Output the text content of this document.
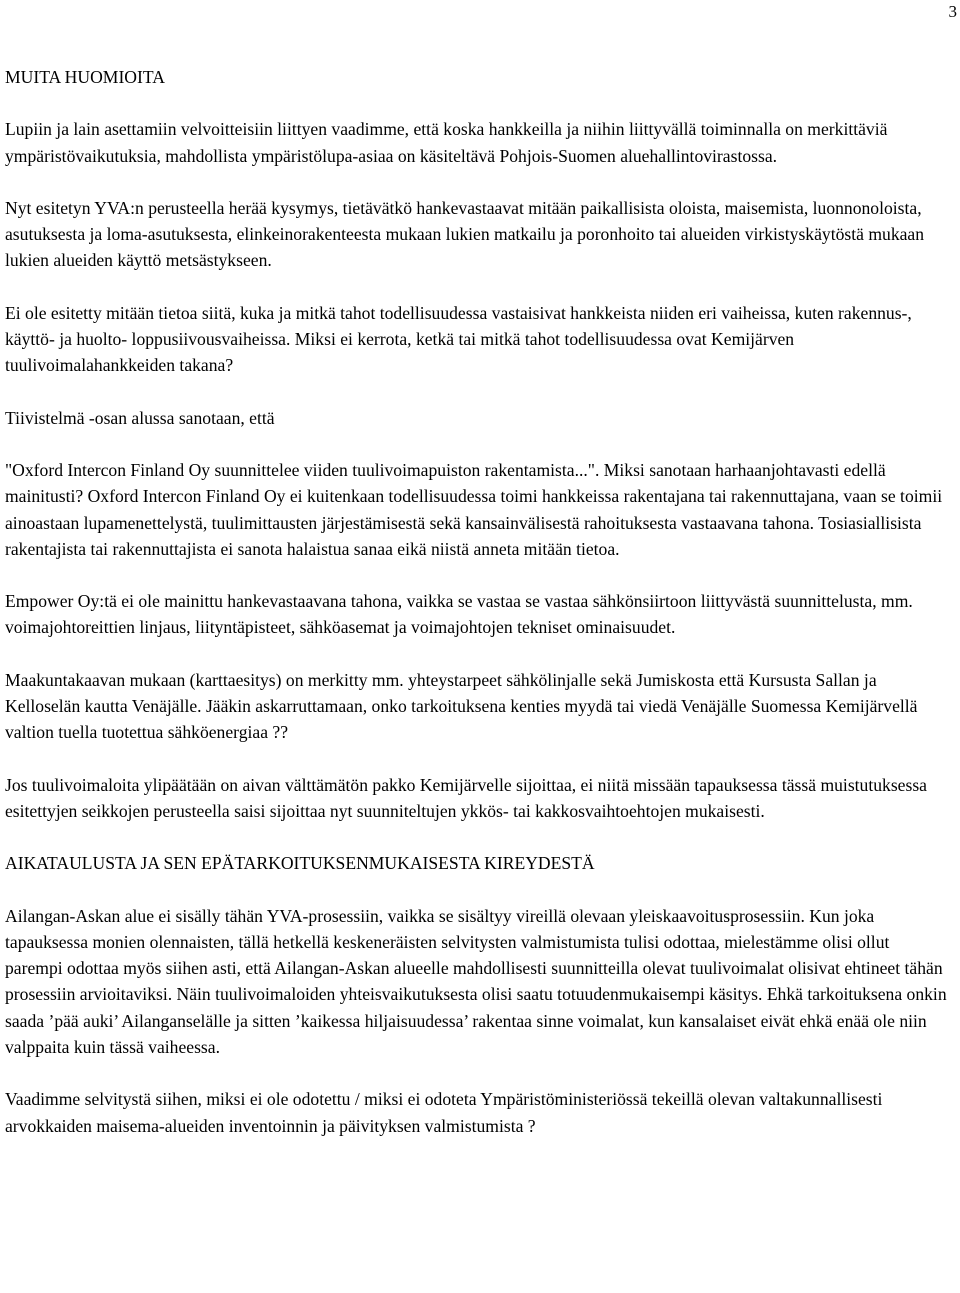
3

MUITA HUOMIOITA

Lupiin ja lain asettamiin velvoitteisiin liittyen vaadimme, että koska hankkeilla ja niihin liittyvällä toiminnalla on merkittäviä ympäristövaikutuksia, mahdollista ympäristölupa-asiaa on käsiteltävä Pohjois-Suomen aluehallintovirastossa.

Nyt esitetyn YVA:n perusteella herää kysymys, tietävätkö hankevastaavat mitään paikallisista oloista, maisemista, luonnonoloista, asutuksesta ja loma-asutuksesta, elinkeinorakenteesta mukaan lukien matkailu ja poronhoito tai alueiden virkistyskäytöstä mukaan lukien alueiden käyttö metsästykseen.

Ei ole esitetty mitään tietoa siitä, kuka ja mitkä tahot todellisuudessa vastaisivat hankkeista niiden eri vaiheissa, kuten rakennus-, käyttö- ja huolto- loppusiivousvaiheissa. Miksi ei kerrota, ketkä tai mitkä tahot todellisuudessa ovat Kemijärven tuulivoimalahankkeiden takana?

Tiivistelmä -osan alussa sanotaan, että

"Oxford Intercon Finland Oy suunnittelee viiden tuulivoimapuiston rakentamista...". Miksi sanotaan harhaanjohtavasti edellä mainitusti? Oxford Intercon Finland Oy ei kuitenkaan todellisuudessa toimi hankkeissa rakentajana tai rakennuttajana, vaan se toimii ainoastaan lupamenettelystä, tuulimittausten järjestämisestä sekä kansainvälisestä rahoituksesta vastaavana tahona. Tosiasiallisista rakentajista tai rakennuttajista ei sanota halaistua sanaa eikä niistä anneta mitään tietoa.

Empower Oy:tä ei ole mainittu hankevastaavana tahona, vaikka se vastaa se vastaa sähkönsiirtoon liittyvästä suunnittelusta, mm. voimajohtoreittien linjaus, liityntäpisteet, sähköasemat ja voimajohtojen tekniset ominaisuudet.

Maakuntakaavan mukaan (karttaesitys) on merkitty mm. yhteystarpeet sähkölinjalle sekä Jumiskosta että Kursusta Sallan ja Kelloselän kautta Venäjälle. Jääkin askarruttamaan, onko tarkoituksena kenties myydä tai viedä Venäjälle Suomessa Kemijärvellä valtion tuella tuotettua sähköenergiaa ??

Jos tuulivoimaloita ylipäätään on aivan välttämätön pakko Kemijärvelle sijoittaa, ei niitä missään tapauksessa tässä muistutuksessa esitettyjen seikkojen perusteella saisi sijoittaa nyt suunniteltujen ykkös- tai kakkosvaihtoehtojen mukaisesti.

AIKATAULUSTA JA SEN EPÄTARKOITUKSENMUKAISESTA KIREYDESTÄ

Ailangan-Askan alue ei sisälly tähän YVA-prosessiin, vaikka se sisältyy vireillä olevaan yleiskaavoitusprosessiin. Kun joka tapauksessa monien olennaisten, tällä hetkellä keskeneräisten selvitysten valmistumista tulisi odottaa, mielestämme olisi ollut parempi odottaa myös siihen asti, että Ailangan-Askan alueelle mahdollisesti suunnitteilla olevat tuulivoimalat olisivat ehtineet tähän prosessiin arvioitaviksi. Näin tuulivoimaloiden yhteisvaikutuksesta olisi saatu totuudenmukaisempi käsitys. Ehkä tarkoituksena onkin saada ’pää auki’ Ailanganselälle ja sitten ’kaikessa hiljaisuudessa’ rakentaa sinne voimalat, kun kansalaiset eivät ehkä enää ole niin valppaita kuin tässä vaiheessa.

Vaadimme selvitystä siihen, miksi ei ole odotettu / miksi ei odoteta Ympäristöministeriössä tekeillä olevan valtakunnallisesti arvokkaiden maisema-alueiden inventoinnin ja päivityksen valmistumista ?
